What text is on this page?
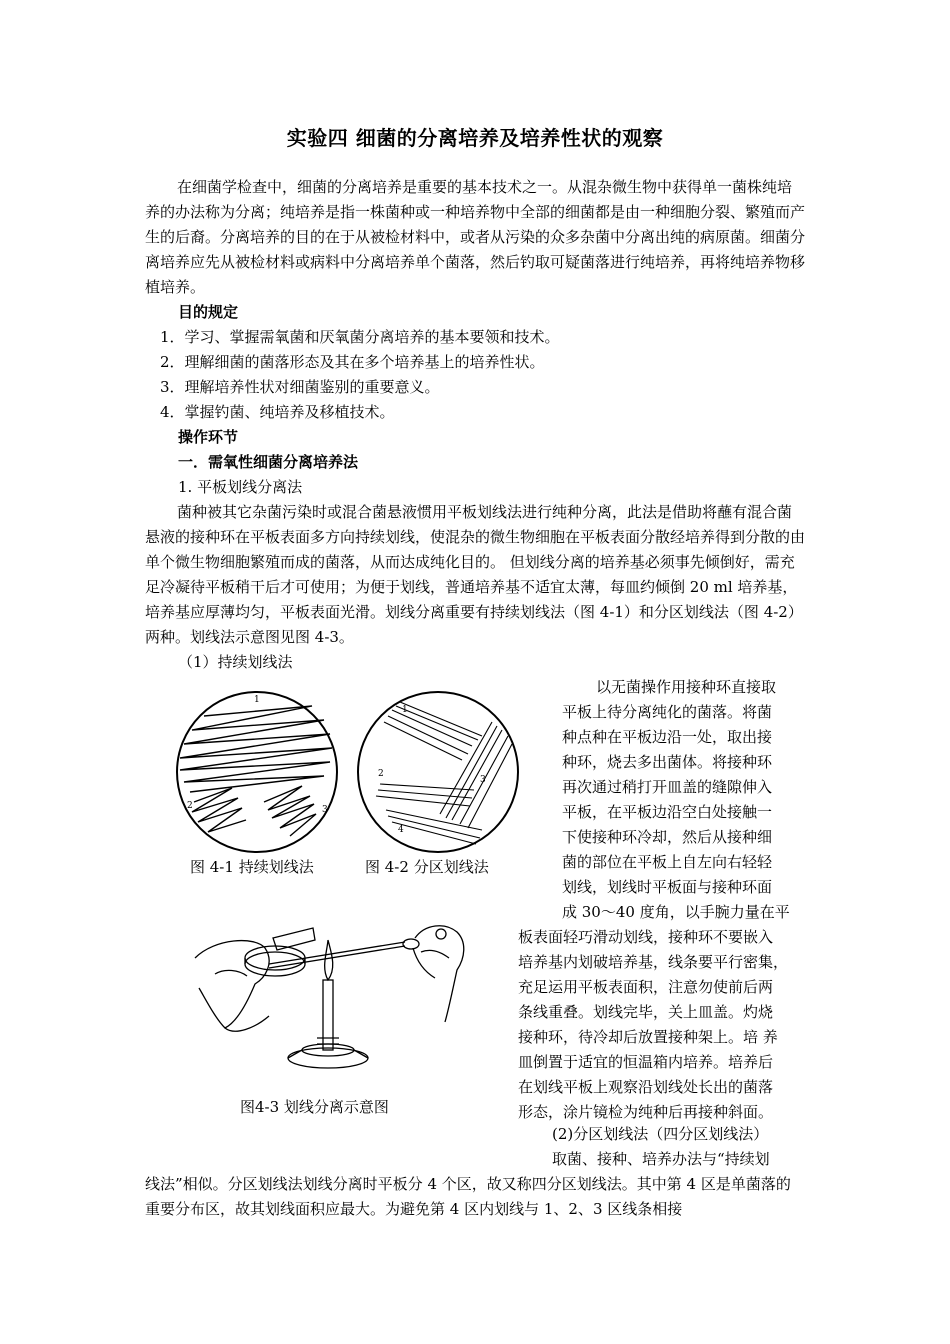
实验四 细菌的分离培养及培养性状的观察
在细菌学检查中，细菌的分离培养是重要的基本技术之一。从混杂微生物中获得单一菌株纯培养的办法称为分离；纯培养是指一株菌种或一种培养物中全部的细菌都是由一种细胞分裂、繁殖而产生的后裔。分离培养的目的在于从被检材料中，或者从污染的众多杂菌中分离出纯的病原菌。细菌分离培养应先从被检材料或病料中分离培养单个菌落，然后钓取可疑菌落进行纯培养，再将纯培养物移植培养。
目的规定
1．学习、掌握需氧菌和厌氧菌分离培养的基本要领和技术。
2．理解细菌的菌落形态及其在多个培养基上的培养性状。
3．理解培养性状对细菌鉴别的重要意义。
4．掌握钓菌、纯培养及移植技术。
操作环节
一．需氧性细菌分离培养法
1. 平板划线分离法
菌种被其它杂菌污染时或混合菌悬液惯用平板划线法进行纯种分离，此法是借助将蘸有混合菌悬液的接种环在平板表面多方向持续划线，使混杂的微生物细胞在平板表面分散经培养得到分散的由单个微生物细胞繁殖而成的菌落，从而达成纯化目的。 但划线分离的培养基必须事先倾倒好，需充足冷凝待平板稍干后才可使用；为便于划线，普通培养基不适宜太薄，每皿约倾倒 20 ml 培养基，培养基应厚薄均匀，平板表面光滑。划线分离重要有持续划线法（图 4-1）和分区划线法（图 4-2）两种。划线法示意图见图 4-3。
（1）持续划线法
以无菌操作用接种环直接取
平板上待分离纯化的菌落。将菌
种点种在平板边沿一处，取出接
种环，烧去多出菌体。将接种环
再次通过稍打开皿盖的缝隙伸入
平板，在平板边沿空白处接触一
下使接种环冷却，然后从接种细
菌的部位在平板上自左向右轻轻
划线，划线时平板面与接种环面
成 30～40 度角，以手腕力量在平
板表面轻巧滑动划线，接种环不要嵌入
培养基内划破培养基，线条要平行密集，
充足运用平板表面积，注意勿使前后两
条线重叠。划线完毕，关上皿盖。灼烧
接种环，待冷却后放置接种架上。培 养
皿倒置于适宜的恒温箱内培养。培养后
在划线平板上观察沿划线处长出的菌落
形态，涂片镜检为纯种后再接种斜面。
1
2	3
1
2
3
4
图 4-1 持续划线法	图 4-2 分区划线法
图4-3 划线分离示意图
(2)分区划线法（四分区划线法）
取菌、接种、培养办法与“持续划
线法”相似。分区划线法划线分离时平板分 4 个区，故又称四分区划线法。其中第 4 区是单菌落的重要分布区，故其划线面积应最大。为避免第 4 区内划线与 1、2、3 区线条相接
